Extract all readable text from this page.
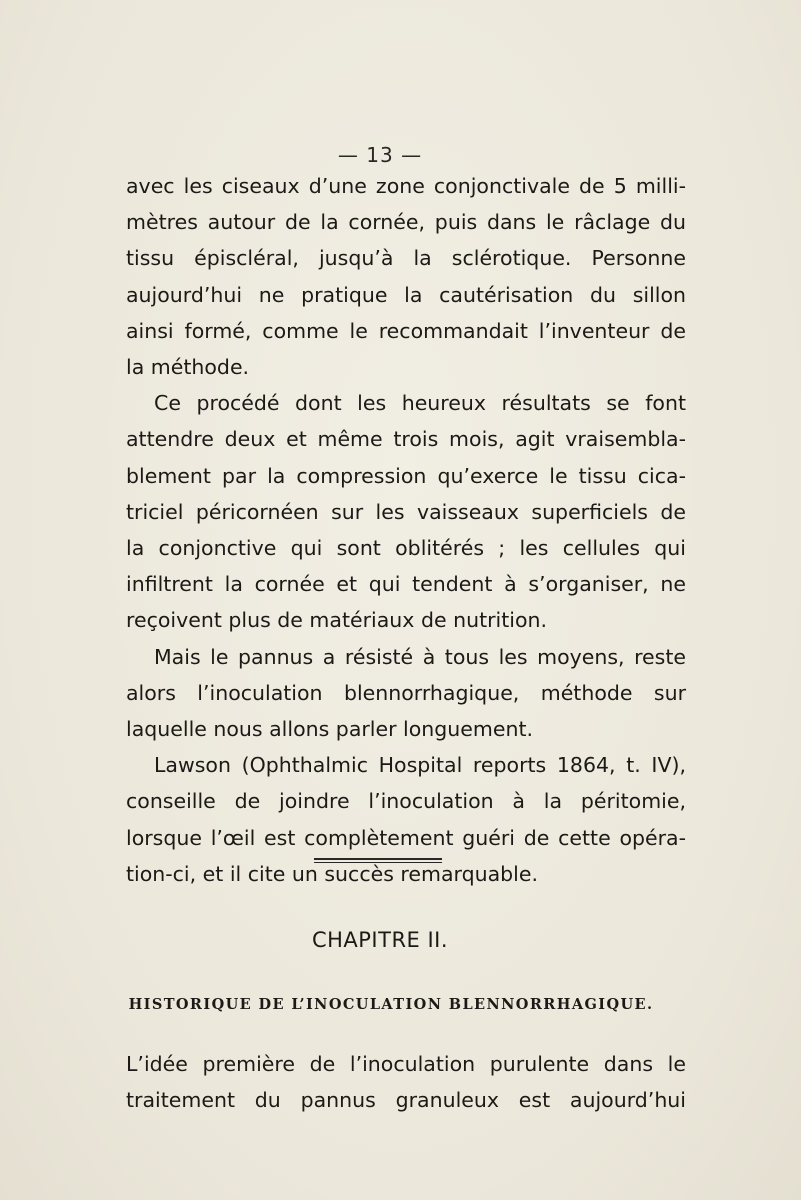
— 13 —

avec les ciseaux d’une zone conjonctivale de 5 milli-
mètres autour de la cornée, puis dans le râclage du
tissu épiscléral, jusqu’à la sclérotique. Personne
aujourd’hui ne pratique la cautérisation du sillon
ainsi formé, comme le recommandait l’inventeur de
la méthode.

Ce procédé dont les heureux résultats se font
attendre deux et même trois mois, agit vraisembla-
blement par la compression qu’exerce le tissu cica-
triciel péricornéen sur les vaisseaux superficiels de
la conjonctive qui sont oblitérés ; les cellules qui
infiltrent la cornée et qui tendent à s’organiser, ne
reçoivent plus de matériaux de nutrition.

Mais le pannus a résisté à tous les moyens, reste
alors l’inoculation blennorrhagique, méthode sur
laquelle nous allons parler longuement.

Lawson (Ophthalmic Hospital reports 1864, t. IV),
conseille de joindre l’inoculation à la péritomie,
lorsque l’œil est complètement guéri de cette opéra-
tion-ci, et il cite un succès remarquable.

CHAPITRE II.
HISTORIQUE DE L’INOCULATION BLENNORRHAGIQUE.

L’idée première de l’inoculation purulente dans le
traitement du pannus granuleux est aujourd’hui
